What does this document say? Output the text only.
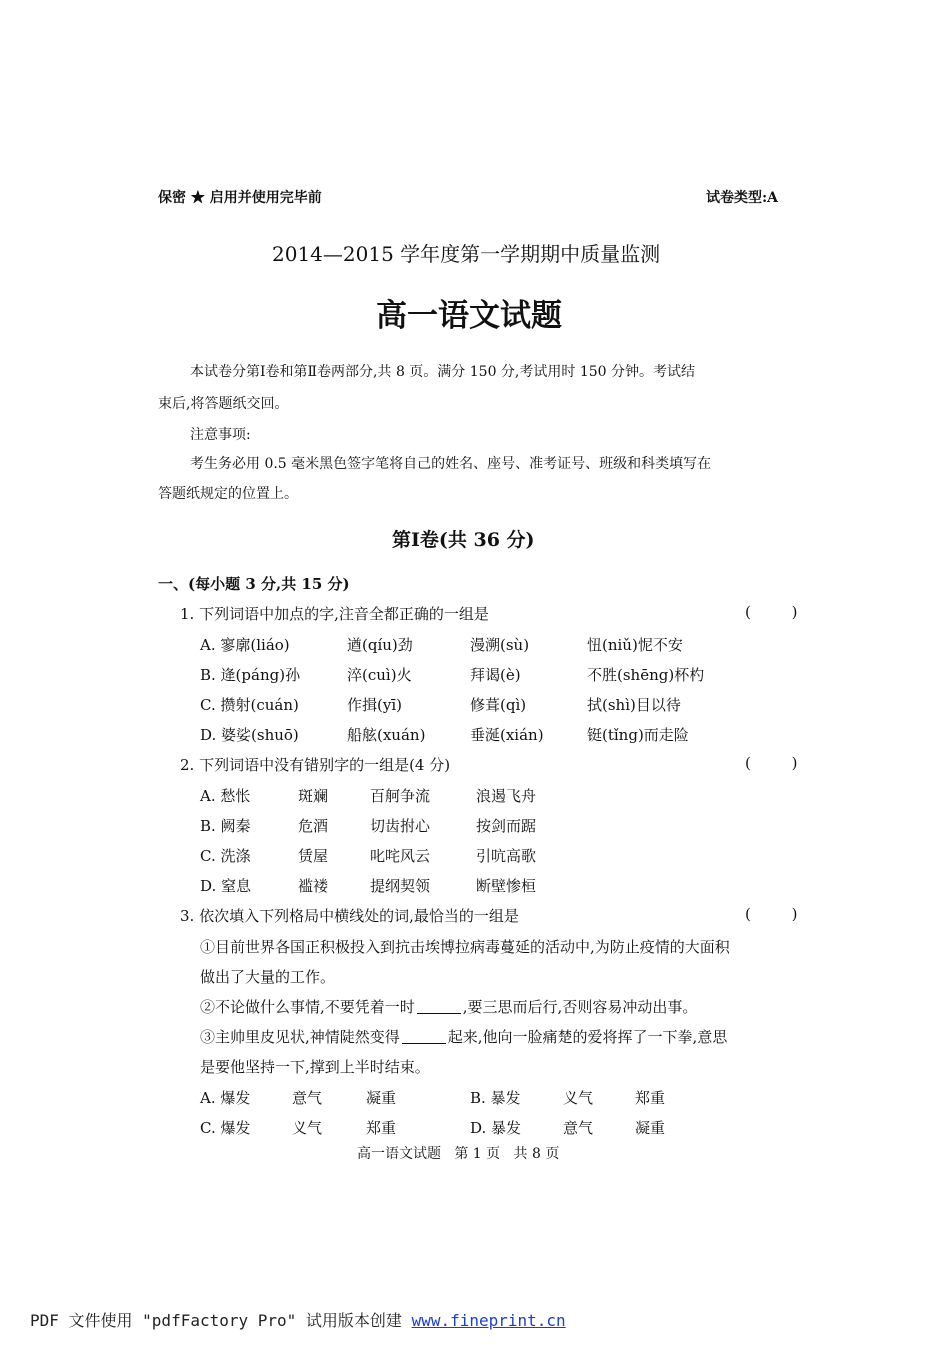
保密 ★ 启用并使用完毕前	试卷类型:A
2014—2015 学年度第一学期期中质量监测
高一语文试题
本试卷分第Ⅰ卷和第Ⅱ卷两部分,共 8 页。满分 150 分,考试用时 150 分钟。考试结
束后,将答题纸交回。
注意事项:
考生务必用 0.5 毫米黑色签字笔将自己的姓名、座号、准考证号、班级和科类填写在
答题纸规定的位置上。
第Ⅰ卷(共 36 分)
一、(每小题 3 分,共 15 分)
1. 下列词语中加点的字,注音全都正确的一组是	( )
A. 寥廓(liáo)	遒(qíu)劲	漫溯(sù)	忸(niǔ)怩不安
B. 逄(páng)孙	淬(cuì)火	拜谒(è)	不胜(shēng)杯杓
C. 攒射(cuán)	作揖(yī)	修葺(qì)	拭(shì)目以待
D. 婆娑(shuō)	船舷(xuán)	垂涎(xián)	铤(tǐng)而走险
2. 下列词语中没有错别字的一组是(4 分)	( )
A. 愁怅	斑斓	百舸争流	浪遏飞舟
B. 阙秦	危酒	切齿拊心	按剑而踞
C. 洗涤	赁屋	叱咤风云	引吭高歌
D. 窒息	褴褛	提纲契领	断壁惨桓
3. 依次填入下列格局中横线处的词,最恰当的一组是	( )
①目前世界各国正积极投入到抗击埃博拉病毒蔓延的活动中,为防止疫情的大面积
做出了大量的工作。
②不论做什么事情,不要凭着一时	,要三思而后行,否则容易冲动出事。
③主帅里皮见状,神情陡然变得	起来,他向一脸痛楚的爱将挥了一下拳,意思
是要他坚持一下,撑到上半时结束。
A. 爆发	意气	凝重	B. 暴发	义气	郑重
C. 爆发	义气	郑重	D. 暴发	意气	凝重
高一语文试题   第 1 页   共 8 页
PDF 文件使用 "pdfFactory Pro" 试用版本创建 www.fineprint.cn
